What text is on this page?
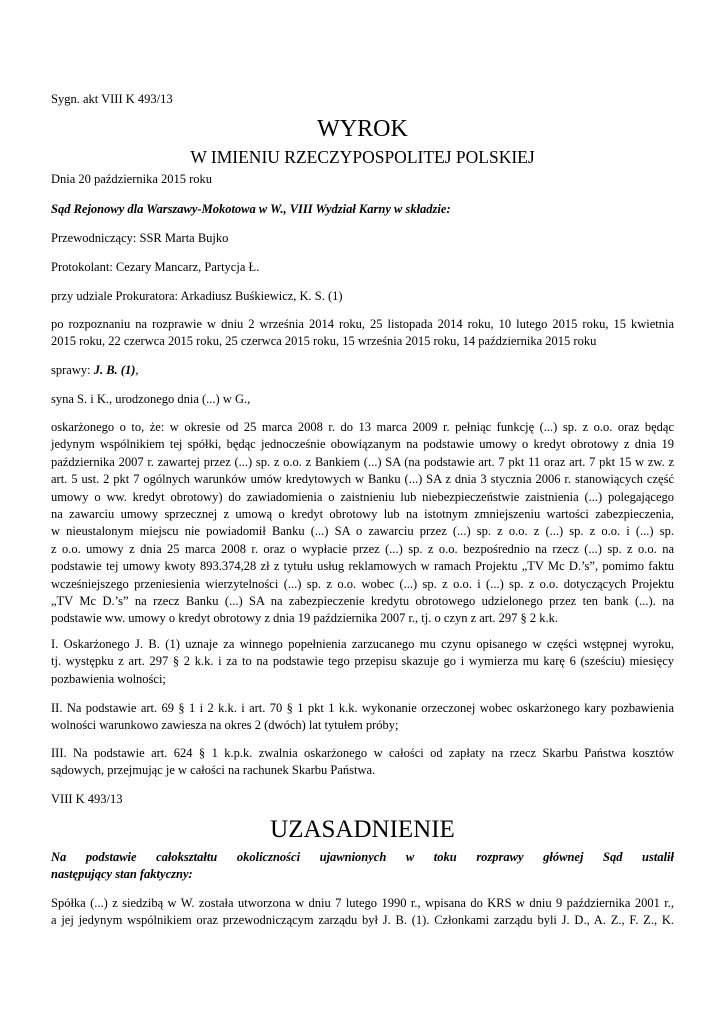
Sygn. akt VIII K 493/13
WYROK
W IMIENIU RZECZYPOSPOLITEJ POLSKIEJ
Dnia 20 października 2015 roku
Sąd Rejonowy dla Warszawy-Mokotowa w W., VIII Wydział Karny w składzie:
Przewodniczący: SSR Marta Bujko
Protokolant: Cezary Mancarz, Partycja Ł.
przy udziale Prokuratora: Arkadiusz Buśkiewicz, K. S. (1)
po rozpoznaniu na rozprawie w dniu 2 września 2014 roku, 25 listopada 2014 roku, 10 lutego 2015 roku, 15 kwietnia
2015 roku, 22 czerwca 2015 roku, 25 czerwca 2015 roku, 15 września 2015 roku, 14 października 2015 roku
sprawy: J. B. (1),
syna S. i K., urodzonego dnia (...) w G.,
oskarżonego o to, że: w okresie od 25 marca 2008 r. do 13 marca 2009 r. pełniąc funkcję (...) sp. z o.o. oraz będąc
jedynym wspólnikiem tej spółki, będąc jednocześnie obowiązanym na podstawie umowy o kredyt obrotowy z dnia 19
października 2007 r. zawartej przez (...) sp. z o.o. z Bankiem (...) SA (na podstawie art. 7 pkt 11 oraz art. 7 pkt 15 w zw. z
art. 5 ust. 2 pkt 7 ogólnych warunków umów kredytowych w Banku (...) SA z dnia 3 stycznia 2006 r. stanowiących część
umowy o ww. kredyt obrotowy) do zawiadomienia o zaistnieniu lub niebezpieczeństwie zaistnienia (...) polegającego
na zawarciu umowy sprzecznej z umową o kredyt obrotowy lub na istotnym zmniejszeniu wartości zabezpieczenia,
w nieustalonym miejscu nie powiadomił Banku (...) SA o zawarciu przez (...) sp. z o.o. z (...) sp. z o.o. i (...) sp.
z o.o. umowy z dnia 25 marca 2008 r. oraz o wypłacie przez (...) sp. z o.o. bezpośrednio na rzecz (...) sp. z o.o. na
podstawie tej umowy kwoty 893.374,28 zł z tytułu usług reklamowych w ramach Projektu „TV Mc D.’s”, pomimo faktu
wcześniejszego przeniesienia wierzytelności (...) sp. z o.o. wobec (...) sp. z o.o. i (...) sp. z o.o. dotyczących Projektu
„TV Mc D.’s” na rzecz Banku (...) SA na zabezpieczenie kredytu obrotowego udzielonego przez ten bank (...). na
podstawie ww. umowy o kredyt obrotowy z dnia 19 października 2007 r., tj. o czyn z art. 297 § 2 k.k.
I. Oskarżonego J. B. (1) uznaje za winnego popełnienia zarzucanego mu czynu opisanego w części wstępnej wyroku,
tj. występku z art. 297 § 2 k.k. i za to na podstawie tego przepisu skazuje go i wymierza mu karę 6 (sześciu) miesięcy
pozbawienia wolności;
II. Na podstawie art. 69 § 1 i 2 k.k. i art. 70 § 1 pkt 1 k.k. wykonanie orzeczonej wobec oskarżonego kary pozbawienia
wolności warunkowo zawiesza na okres 2 (dwóch) lat tytułem próby;
III. Na podstawie art. 624 § 1 k.p.k. zwalnia oskarżonego w całości od zapłaty na rzecz Skarbu Państwa kosztów
sądowych, przejmując je w całości na rachunek Skarbu Państwa.
VIII K 493/13
UZASADNIENIE
Na podstawie całokształtu okoliczności ujawnionych w toku rozprawy głównej Sąd ustalił
następujący stan faktyczny:
Spółka (...) z siedzibą w W. została utworzona w dniu 7 lutego 1990 r., wpisana do KRS w dniu 9 października 2001 r.,
a jej jedynym wspólnikiem oraz przewodniczącym zarządu był J. B. (1). Członkami zarządu byli J. D., A. Z., F. Z., K.
